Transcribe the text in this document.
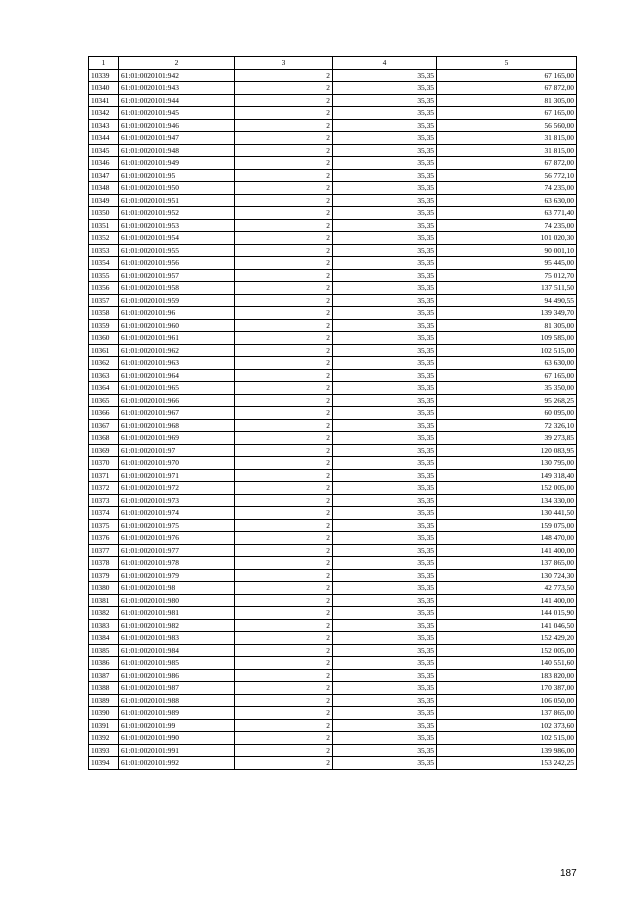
1	2	3	4	5
10339	61:01:0020101:942	2	35,35	67 165,00
10340	61:01:0020101:943	2	35,35	67 872,00
10341	61:01:0020101:944	2	35,35	81 305,00
10342	61:01:0020101:945	2	35,35	67 165,00
10343	61:01:0020101:946	2	35,35	56 560,00
10344	61:01:0020101:947	2	35,35	31 815,00
10345	61:01:0020101:948	2	35,35	31 815,00
10346	61:01:0020101:949	2	35,35	67 872,00
10347	61:01:0020101:95	2	35,35	56 772,10
10348	61:01:0020101:950	2	35,35	74 235,00
10349	61:01:0020101:951	2	35,35	63 630,00
10350	61:01:0020101:952	2	35,35	63 771,40
10351	61:01:0020101:953	2	35,35	74 235,00
10352	61:01:0020101:954	2	35,35	101 020,30
10353	61:01:0020101:955	2	35,35	90 001,10
10354	61:01:0020101:956	2	35,35	95 445,00
10355	61:01:0020101:957	2	35,35	75 012,70
10356	61:01:0020101:958	2	35,35	137 511,50
10357	61:01:0020101:959	2	35,35	94 490,55
10358	61:01:0020101:96	2	35,35	139 349,70
10359	61:01:0020101:960	2	35,35	81 305,00
10360	61:01:0020101:961	2	35,35	109 585,00
10361	61:01:0020101:962	2	35,35	102 515,00
10362	61:01:0020101:963	2	35,35	63 630,00
10363	61:01:0020101:964	2	35,35	67 165,00
10364	61:01:0020101:965	2	35,35	35 350,00
10365	61:01:0020101:966	2	35,35	95 268,25
10366	61:01:0020101:967	2	35,35	60 095,00
10367	61:01:0020101:968	2	35,35	72 326,10
10368	61:01:0020101:969	2	35,35	39 273,85
10369	61:01:0020101:97	2	35,35	120 083,95
10370	61:01:0020101:970	2	35,35	130 795,00
10371	61:01:0020101:971	2	35,35	149 318,40
10372	61:01:0020101:972	2	35,35	152 005,00
10373	61:01:0020101:973	2	35,35	134 330,00
10374	61:01:0020101:974	2	35,35	130 441,50
10375	61:01:0020101:975	2	35,35	159 075,00
10376	61:01:0020101:976	2	35,35	148 470,00
10377	61:01:0020101:977	2	35,35	141 400,00
10378	61:01:0020101:978	2	35,35	137 865,00
10379	61:01:0020101:979	2	35,35	130 724,30
10380	61:01:0020101:98	2	35,35	42 773,50
10381	61:01:0020101:980	2	35,35	141 400,00
10382	61:01:0020101:981	2	35,35	144 015,90
10383	61:01:0020101:982	2	35,35	141 046,50
10384	61:01:0020101:983	2	35,35	152 429,20
10385	61:01:0020101:984	2	35,35	152 005,00
10386	61:01:0020101:985	2	35,35	140 551,60
10387	61:01:0020101:986	2	35,35	183 820,00
10388	61:01:0020101:987	2	35,35	170 387,00
10389	61:01:0020101:988	2	35,35	106 050,00
10390	61:01:0020101:989	2	35,35	137 865,00
10391	61:01:0020101:99	2	35,35	102 373,60
10392	61:01:0020101:990	2	35,35	102 515,00
10393	61:01:0020101:991	2	35,35	139 986,00
10394	61:01:0020101:992	2	35,35	153 242,25
187
